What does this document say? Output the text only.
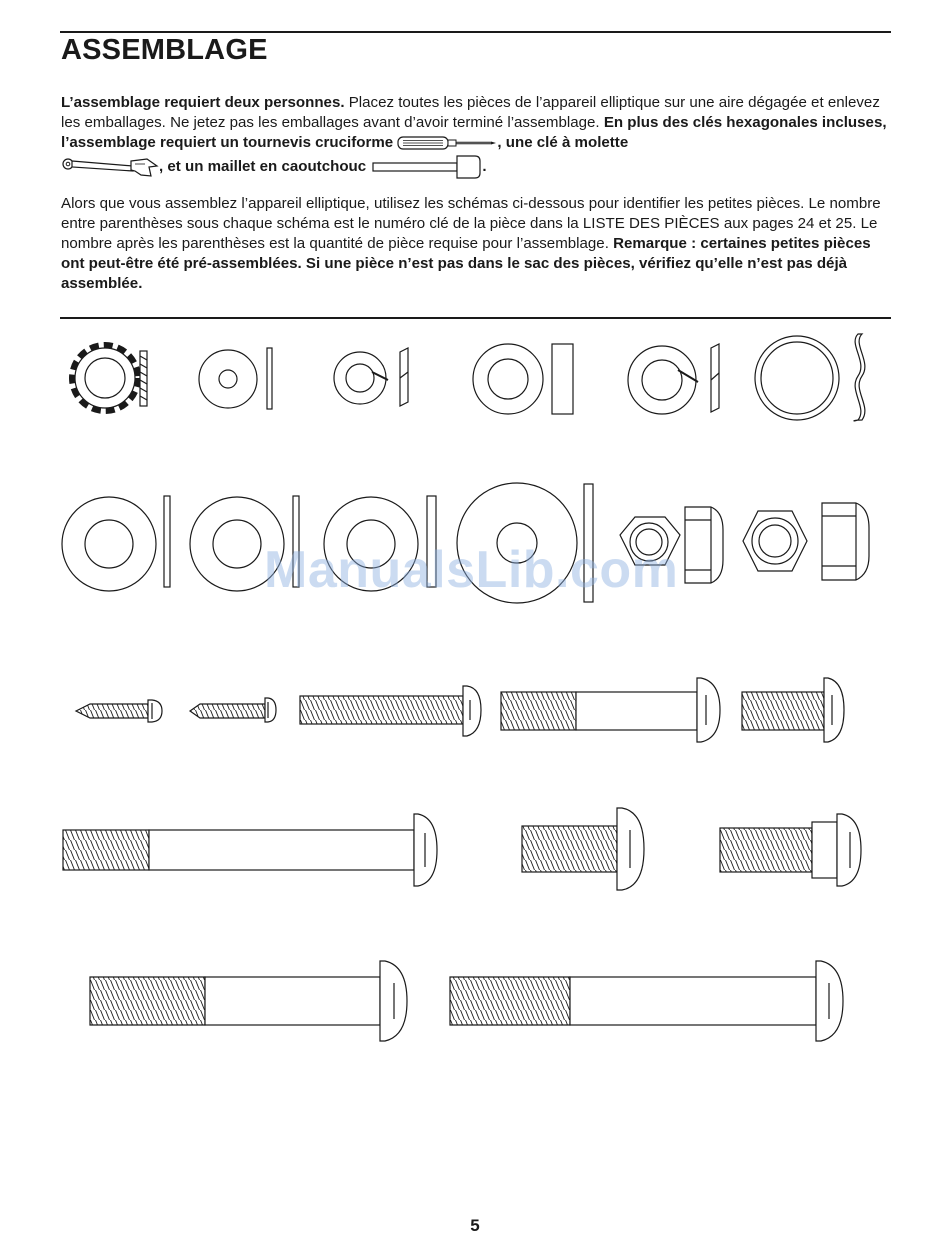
ASSEMBLAGE

L’assemblage requiert deux personnes. Placez toutes les pièces de l’appareil elliptique sur une aire dégagée et enlevez les emballages. Ne jetez pas les emballages avant d’avoir terminé l’assemblage. En plus des clés hexagonales incluses, l’assemblage requiert un tournevis cruciforme	, une clé à molette
, et un maillet en caoutchouc	.

Alors que vous assemblez l’appareil elliptique, utilisez les schémas ci-dessous pour identifier les petites pièces. Le nombre entre parenthèses sous chaque schéma est le numéro clé de la pièce dans la LISTE DES PIÈCES aux pages 24 et 25. Le nombre après les parenthèses est la quantité de pièce requise pour l’assemblage. Remarque : certaines petites pièces ont peut-être été pré-assemblées. Si une pièce n’est pas dans le sac des pièces, vérifiez qu’elle n’est pas déjà assemblée.

ManualsLib.com
5
